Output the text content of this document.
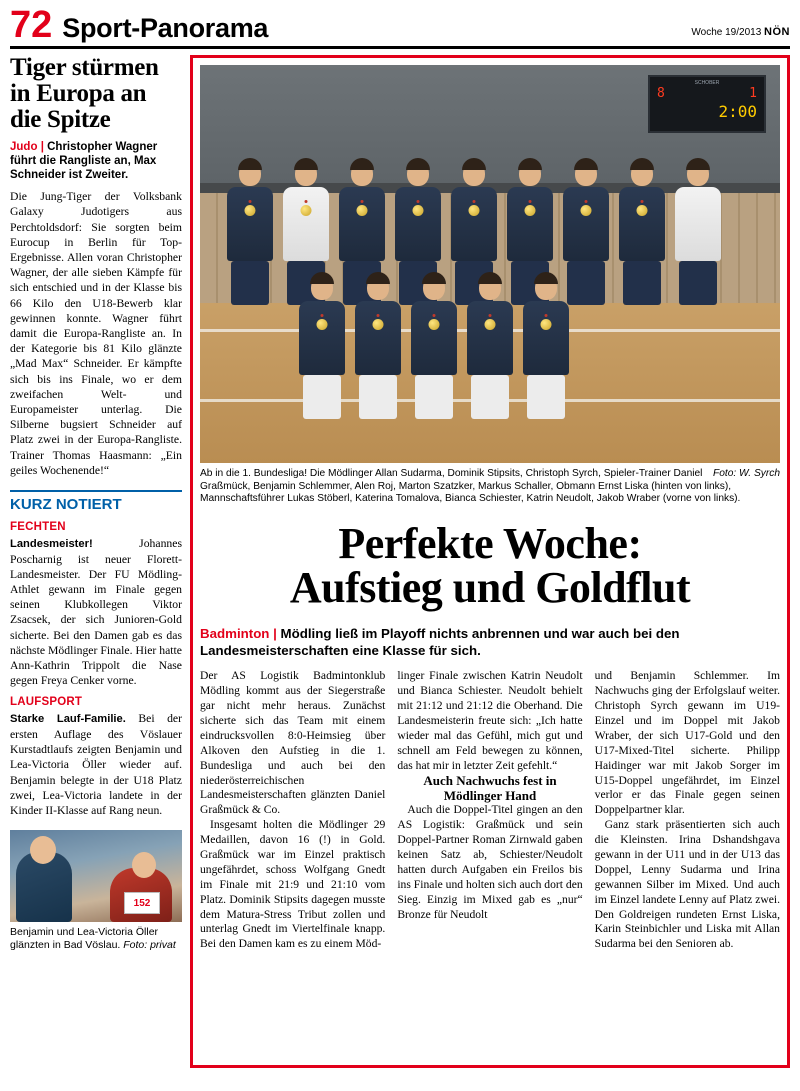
72 Sport-Panorama	Woche 19/2013 NÖN
Tiger stürmen in Europa an die Spitze
Judo | Christopher Wagner führt die Rangliste an, Max Schneider ist Zweiter.

Die Jung-Tiger der Volksbank Galaxy Judotigers aus Perchtoldsdorf: Sie sorgten beim Eurocup in Berlin für Top-Ergebnisse. Allen voran Christopher Wagner, der alle sieben Kämpfe für sich entschied und in der Klasse bis 66 Kilo den U18-Bewerb klar gewinnen konnte. Wagner führt damit die Europa-Rangliste an. In der Kategorie bis 81 Kilo glänzte „Mad Max“ Schneider. Er kämpfte sich bis ins Finale, wo er dem zweifachen Welt- und Europameister unterlag. Die Silberne bugsiert Schneider auf Platz zwei in der Europa-Rangliste. Trainer Thomas Haasmann: „Ein geiles Wochenende!“

KURZ NOTIERT
FECHTEN

Landesmeister! Johannes Poscharnig ist neuer Florett-Landesmeister. Der FU Mödling-Athlet gewann im Finale gegen seinen Klubkollegen Viktor Zsacsek, der sich Junioren-Gold sicherte. Bei den Damen gab es das nächste Mödlinger Finale. Hier hatte Ann-Kathrin Trippolt die Nase gegen Freya Cenker vorne.

LAUFSPORT

Starke Lauf-Familie. Bei der ersten Auflage des Vöslauer Kurstadtlaufs zeigten Benjamin und Lea-Victoria Öller wieder auf. Benjamin belegte in der U18 Platz zwei, Lea-Victoria landete in der Kinder II-Klasse auf Rang neun.

152
Benjamin und Lea-Victoria Öller glänzten in Bad Vöslau. Foto: privat
SCHOBER
8	1
2:00
Foto: W. Syrch
Ab in die 1. Bundesliga! Die Mödlinger Allan Sudarma, Dominik Stipsits, Christoph Syrch, Spieler-Trainer Daniel Graßmück, Benjamin Schlemmer, Alen Roj, Marton Szatzker, Markus Schaller, Obmann Ernst Liska (hinten von links), Mannschaftsführer Lukas Stöberl, Katerina Tomalova, Bianca Schiester, Katrin Neudolt, Jakob Wraber (vorne von links).
Perfekte Woche:
Aufstieg und Goldflut
Badminton | Mödling ließ im Playoff nichts anbrennen und war auch bei den Landesmeisterschaften eine Klasse für sich.

Der AS Logistik Badmintonklub Mödling kommt aus der Siegerstraße gar nicht mehr heraus. Zunächst sicherte sich das Team mit einem eindrucksvollen 8:0-Heimsieg über Alkoven den Aufstieg in die 1. Bundesliga und auch bei den niederösterreichischen Landesmeisterschaften glänzten Daniel Graßmück & Co.

Insgesamt holten die Mödlinger 29 Medaillen, davon 16 (!) in Gold. Graßmück war im Einzel praktisch ungefährdet, schoss Wolfgang Gnedt im Finale mit 21:9 und 21:10 vom Platz. Dominik Stipsits dagegen musste dem Matura-Stress Tribut zollen und unterlag Gnedt im Viertelfinale knapp. Bei den Damen kam es zu einem Möd-

linger Finale zwischen Katrin Neudolt und Bianca Schiester. Neudolt behielt mit 21:12 und 21:12 die Oberhand. Die Landesmeisterin freute sich: „Ich hatte wieder mal das Gefühl, mich gut und schnell am Feld bewegen zu können, das hat mir in letzter Zeit gefehlt.“

Auch Nachwuchs fest in Mödlinger Hand

Auch die Doppel-Titel gingen an den AS Logistik: Graßmück und sein Doppel-Partner Roman Zirnwald gaben keinen Satz ab, Schiester/Neudolt hatten durch Aufgaben ein Freilos bis ins Finale und holten sich auch dort den Sieg. Einzig im Mixed gab es „nur“ Bronze für Neudolt

und Benjamin Schlemmer. Im Nachwuchs ging der Erfolgslauf weiter. Christoph Syrch gewann im U19-Einzel und im Doppel mit Jakob Wraber, der sich U17-Gold und den U17-Mixed-Titel sicherte. Philipp Haidinger war mit Jakob Sorger im U15-Doppel ungefährdet, im Einzel verlor er das Finale gegen seinen Doppelpartner klar.

Ganz stark präsentierten sich auch die Kleinsten. Irina Dshandshgava gewann in der U11 und in der U13 das Doppel, Lenny Sudarma und Irina gewannen Silber im Mixed. Und auch im Einzel landete Lenny auf Platz zwei. Den Goldreigen rundeten Ernst Liska, Karin Steinbichler und Liska mit Allan Sudarma bei den Senioren ab.
